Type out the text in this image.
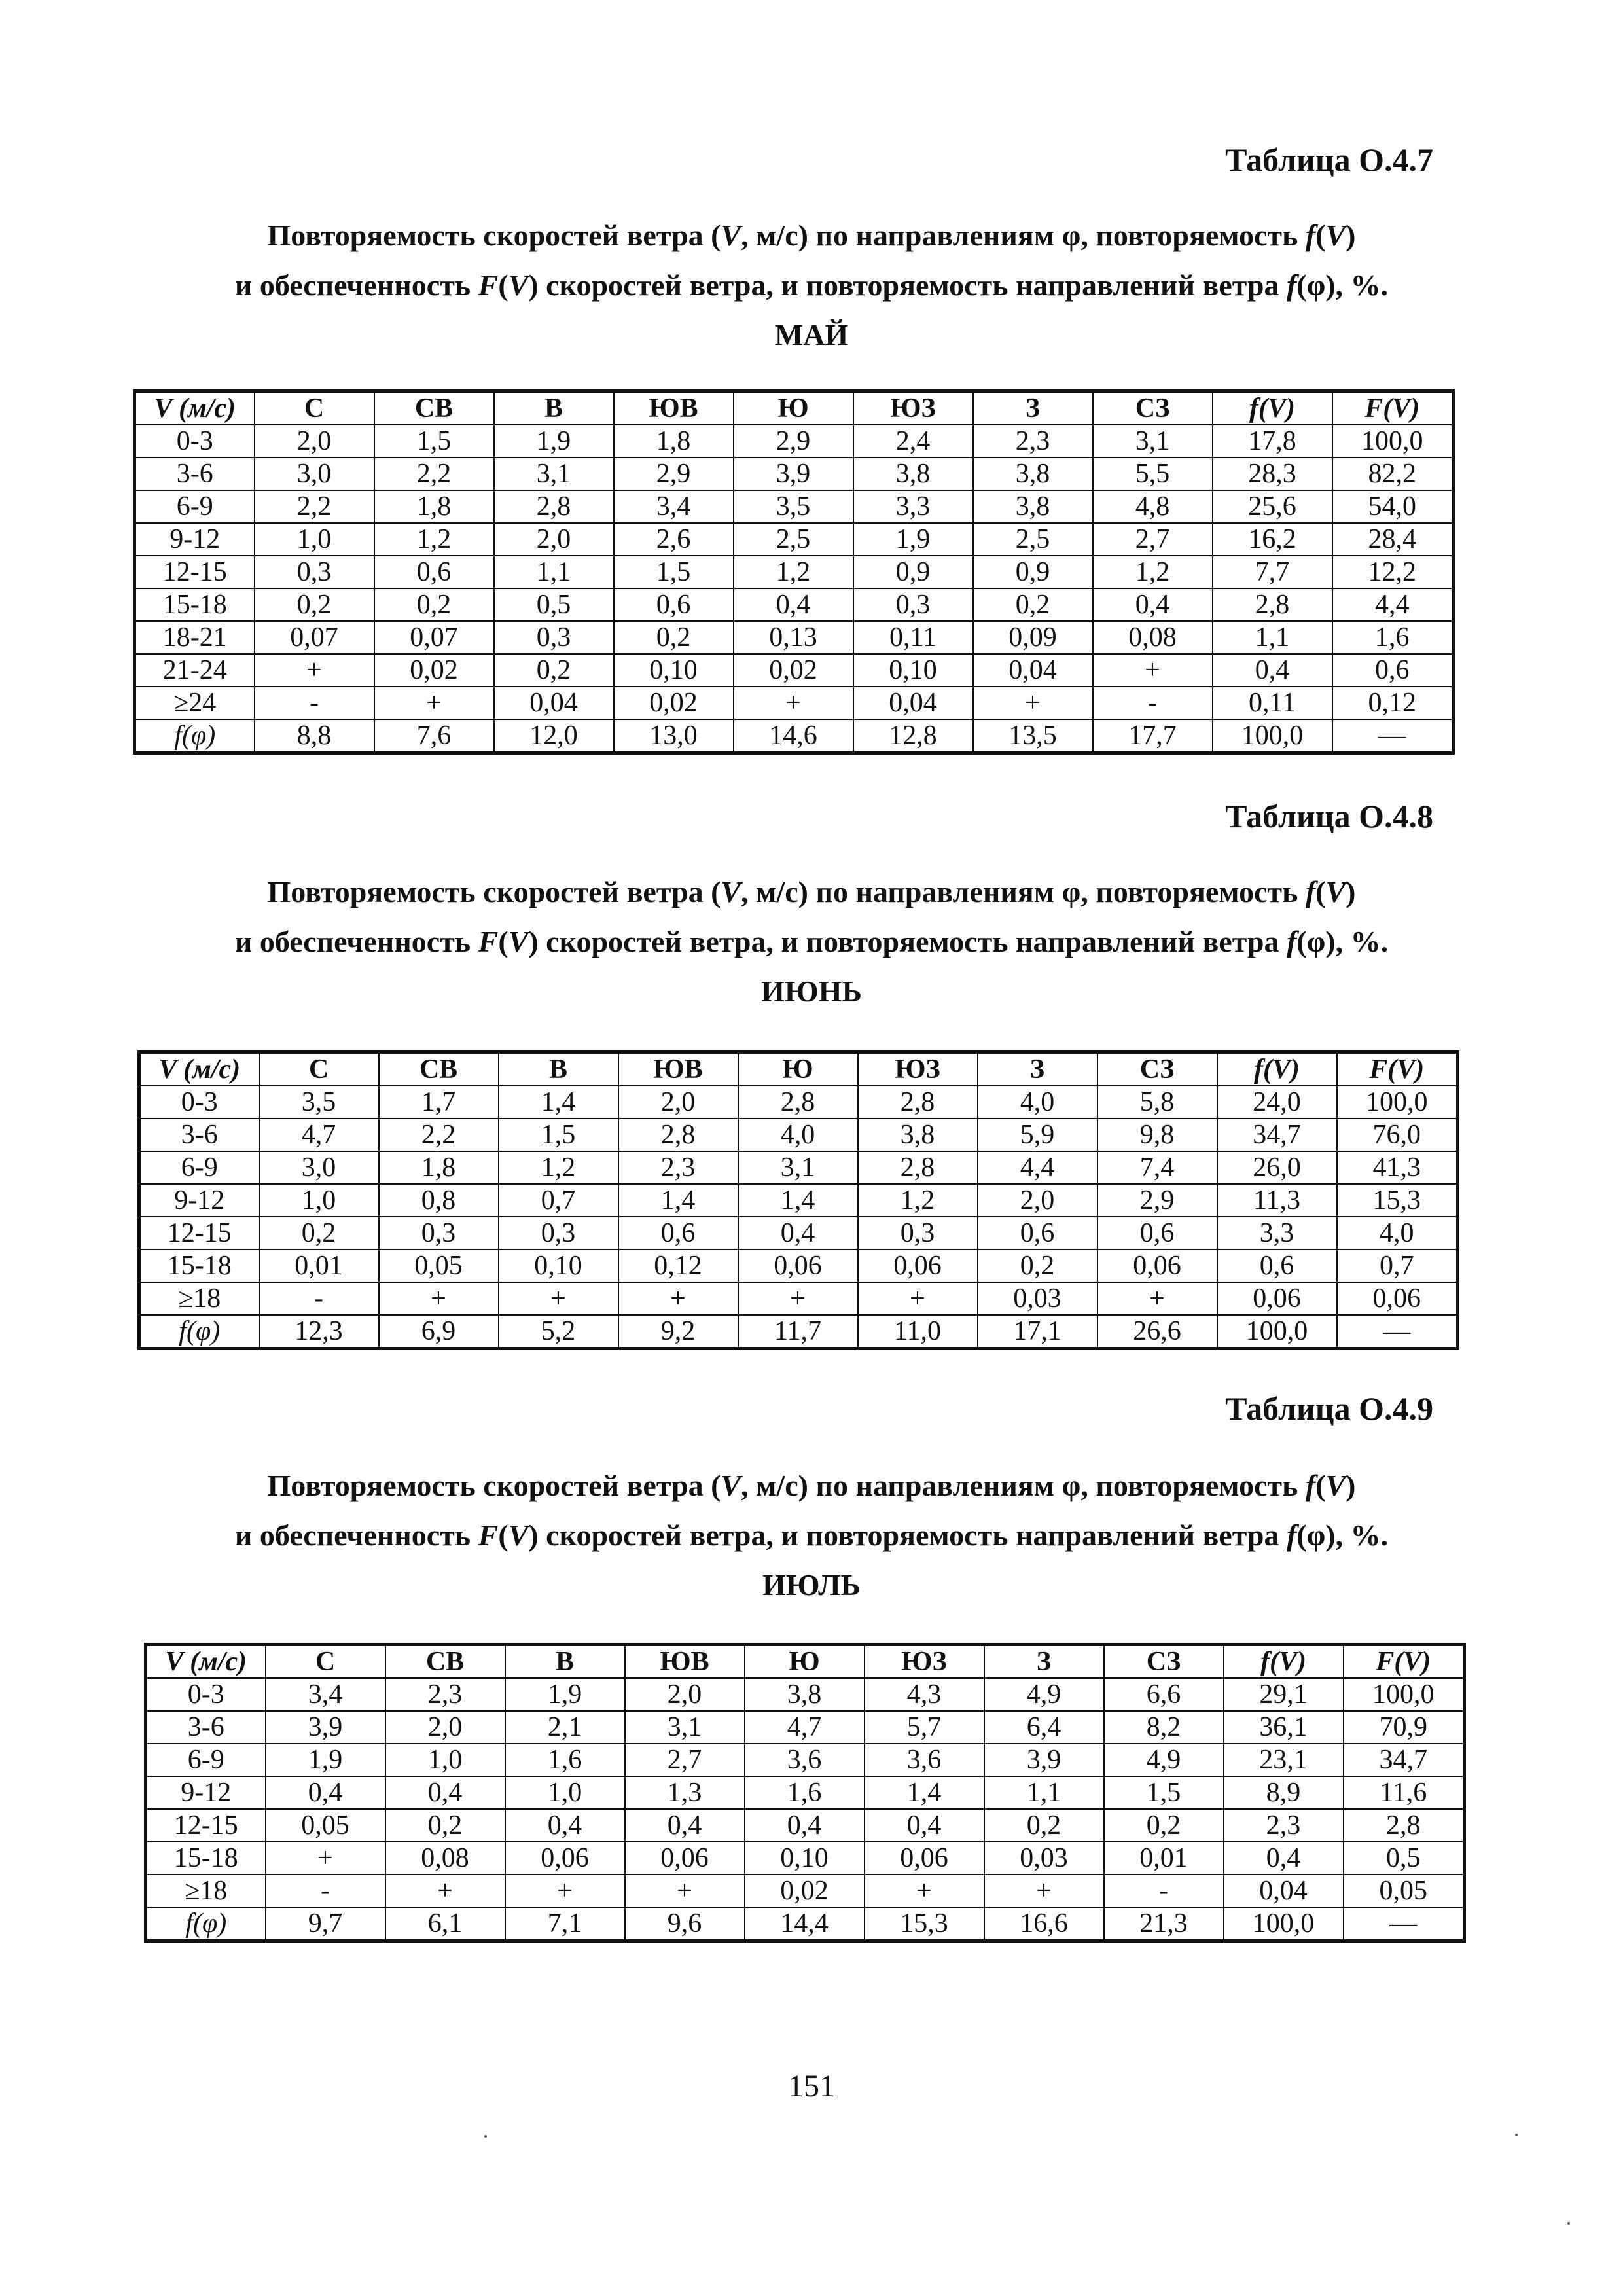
Таблица О.4.7
Повторяемость скоростей ветра (V, м/с) по направлениям φ, повторяемость f(V)
и обеспеченность F(V) скоростей ветра, и повторяемость направлений ветра f(φ), %.
МАЙ
V (м/с)	С	СВ	В	ЮВ	Ю	ЮЗ	З	СЗ	f(V)	F(V)
0-3	2,0	1,5	1,9	1,8	2,9	2,4	2,3	3,1	17,8	100,0
3-6	3,0	2,2	3,1	2,9	3,9	3,8	3,8	5,5	28,3	82,2
6-9	2,2	1,8	2,8	3,4	3,5	3,3	3,8	4,8	25,6	54,0
9-12	1,0	1,2	2,0	2,6	2,5	1,9	2,5	2,7	16,2	28,4
12-15	0,3	0,6	1,1	1,5	1,2	0,9	0,9	1,2	7,7	12,2
15-18	0,2	0,2	0,5	0,6	0,4	0,3	0,2	0,4	2,8	4,4
18-21	0,07	0,07	0,3	0,2	0,13	0,11	0,09	0,08	1,1	1,6
21-24	+	0,02	0,2	0,10	0,02	0,10	0,04	+	0,4	0,6
≥24	-	+	0,04	0,02	+	0,04	+	-	0,11	0,12
f(φ)	8,8	7,6	12,0	13,0	14,6	12,8	13,5	17,7	100,0	—
Таблица О.4.8
Повторяемость скоростей ветра (V, м/с) по направлениям φ, повторяемость f(V)
и обеспеченность F(V) скоростей ветра, и повторяемость направлений ветра f(φ), %.
ИЮНЬ
V (м/с)	С	СВ	В	ЮВ	Ю	ЮЗ	З	СЗ	f(V)	F(V)
0-3	3,5	1,7	1,4	2,0	2,8	2,8	4,0	5,8	24,0	100,0
3-6	4,7	2,2	1,5	2,8	4,0	3,8	5,9	9,8	34,7	76,0
6-9	3,0	1,8	1,2	2,3	3,1	2,8	4,4	7,4	26,0	41,3
9-12	1,0	0,8	0,7	1,4	1,4	1,2	2,0	2,9	11,3	15,3
12-15	0,2	0,3	0,3	0,6	0,4	0,3	0,6	0,6	3,3	4,0
15-18	0,01	0,05	0,10	0,12	0,06	0,06	0,2	0,06	0,6	0,7
≥18	-	+	+	+	+	+	0,03	+	0,06	0,06
f(φ)	12,3	6,9	5,2	9,2	11,7	11,0	17,1	26,6	100,0	—
Таблица О.4.9
Повторяемость скоростей ветра (V, м/с) по направлениям φ, повторяемость f(V)
и обеспеченность F(V) скоростей ветра, и повторяемость направлений ветра f(φ), %.
ИЮЛЬ
V (м/с)	С	СВ	В	ЮВ	Ю	ЮЗ	З	СЗ	f(V)	F(V)
0-3	3,4	2,3	1,9	2,0	3,8	4,3	4,9	6,6	29,1	100,0
3-6	3,9	2,0	2,1	3,1	4,7	5,7	6,4	8,2	36,1	70,9
6-9	1,9	1,0	1,6	2,7	3,6	3,6	3,9	4,9	23,1	34,7
9-12	0,4	0,4	1,0	1,3	1,6	1,4	1,1	1,5	8,9	11,6
12-15	0,05	0,2	0,4	0,4	0,4	0,4	0,2	0,2	2,3	2,8
15-18	+	0,08	0,06	0,06	0,10	0,06	0,03	0,01	0,4	0,5
≥18	-	+	+	+	0,02	+	+	-	0,04	0,05
f(φ)	9,7	6,1	7,1	9,6	14,4	15,3	16,6	21,3	100,0	—
151
